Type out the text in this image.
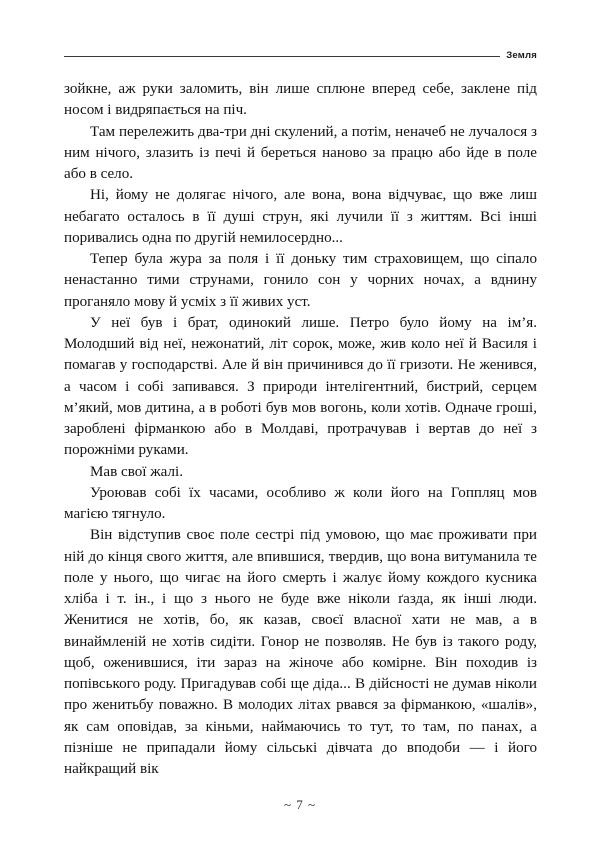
Земля

зойкне, аж руки заломить, він лише сплюне вперед себе, заклене під носом і видряпається на піч.

Там перележить два-три дні скулений, а потім, неначеб не лучалося з ним нічого, злазить із печі й береться наново за працю або йде в поле або в село.

Ні, йому не долягає нічого, але вона, вона відчуває, що вже лиш небагато осталось в її душі струн, які лучили її з життям. Всі інші поривались одна по другій немилосердно...

Тепер була жура за поля і її доньку тим страховищем, що сіпало ненастанно тими струнами, гонило сон у чорних ночах, а вднину проганяло мову й усміх з її живих уст.

У неї був і брат, одинокий лише. Петро було йому на ім’я. Молодший від неї, нежонатий, літ сорок, може, жив коло неї й Василя і помагав у господарстві. Але й він причинився до її гризоти. Не женився, а часом і собі запивався. З природи інтелігентний, бистрий, серцем м’який, мов дитина, а в роботі був мов вогонь, коли хотів. Одначе гроші, зароблені фірманкою або в Молдаві, протрачував і вертав до неї з порожніми руками.

Мав свої жалі.

Уроював собі їх часами, особливо ж коли його на Гоппляц мов магією тягнуло.

Він відступив своє поле сестрі під умовою, що має проживати при ній до кінця свого життя, але впившися, твердив, що вона витуманила те поле у нього, що чигає на його смерть і жалує йому кождого кусника хліба і т. ін., і що з нього не буде вже ніколи ґазда, як інші люди. Женитися не хотів, бо, як казав, своєї власної хати не мав, а в винаймленій не хотів сидіти. Гонор не позволяв. Не був із такого роду, щоб, оженившися, іти зараз на жіноче або комірне. Він походив із попівського роду. Пригадував собі ще діда... В дійсності не думав ніколи про женитьбу поважно. В молодих літах рвався за фірманкою, «шалів», як сам оповідав, за кіньми, наймаючись то тут, то там, по панах, а пізніше не припадали йому сільські дівчата до вподоби — і його найкращий вік

~ 7 ~
